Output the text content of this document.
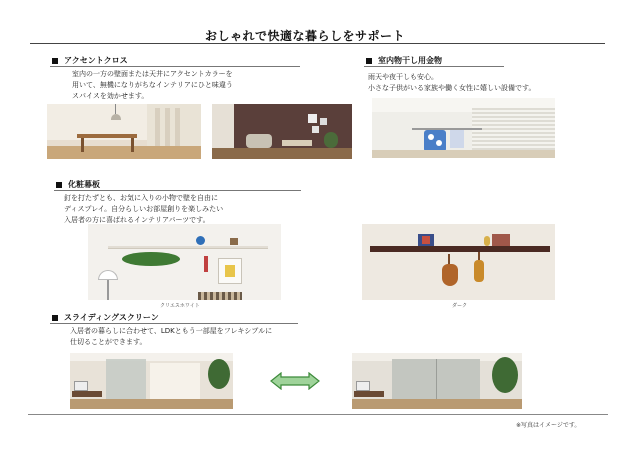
おしゃれで快適な暮らしをサポート
アクセントクロス
室内の一方の壁面または天井にアクセントカラーを
用いて、無機になりがちなインテリアにひと味違う
スパイスを効かせます。
室内物干し用金物
雨天や夜干しも安心。
小さな子供がいる家族や働く女性に嬉しい設備です。
化粧幕板
釘を打たずとも、お気に入りの小物で壁を自由に
ディスプレイ。自分らしいお部屋創りを楽しみたい
入居者の方に喜ばれるインテリアパーツです。
クリエスホワイト	ダーク
スライディングスクリーン
入居者の暮らしに合わせて、LDKともう一部屋をフレキシブルに
仕切ることができます。
※写真はイメージです。
